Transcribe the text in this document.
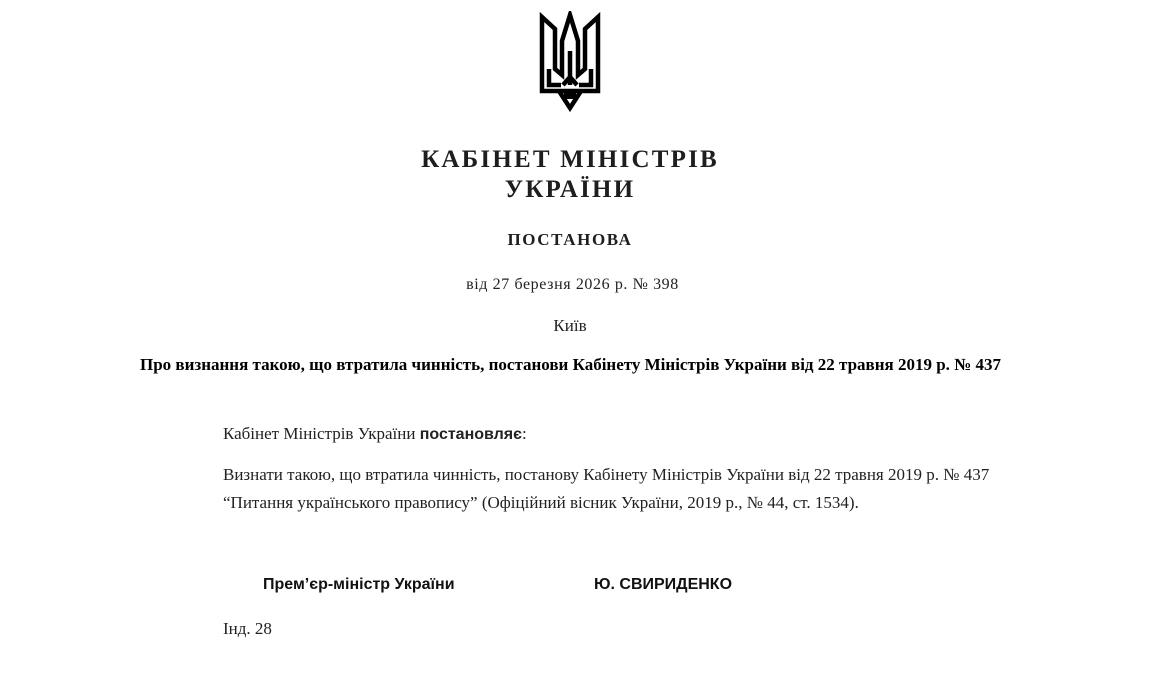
КАБІНЕТ МІНІСТРІВ
УКРАЇНИ
ПОСТАНОВА
від 27 березня 2026 р. № 398
Київ
Про визнання такою, що втратила чинність, постанови Кабінету Міністрів України від 22 травня 2019 р. № 437
Кабінет Міністрів України постановляє:
Визнати такою, що втратила чинність, постанову Кабінету Міністрів України від 22 травня 2019 р. № 437
“Питання українського правопису” (Офіційний вісник України, 2019 р., № 44, ст. 1534).
Прем’єр-міністр України	Ю. СВИРИДЕНКО
Інд. 28
